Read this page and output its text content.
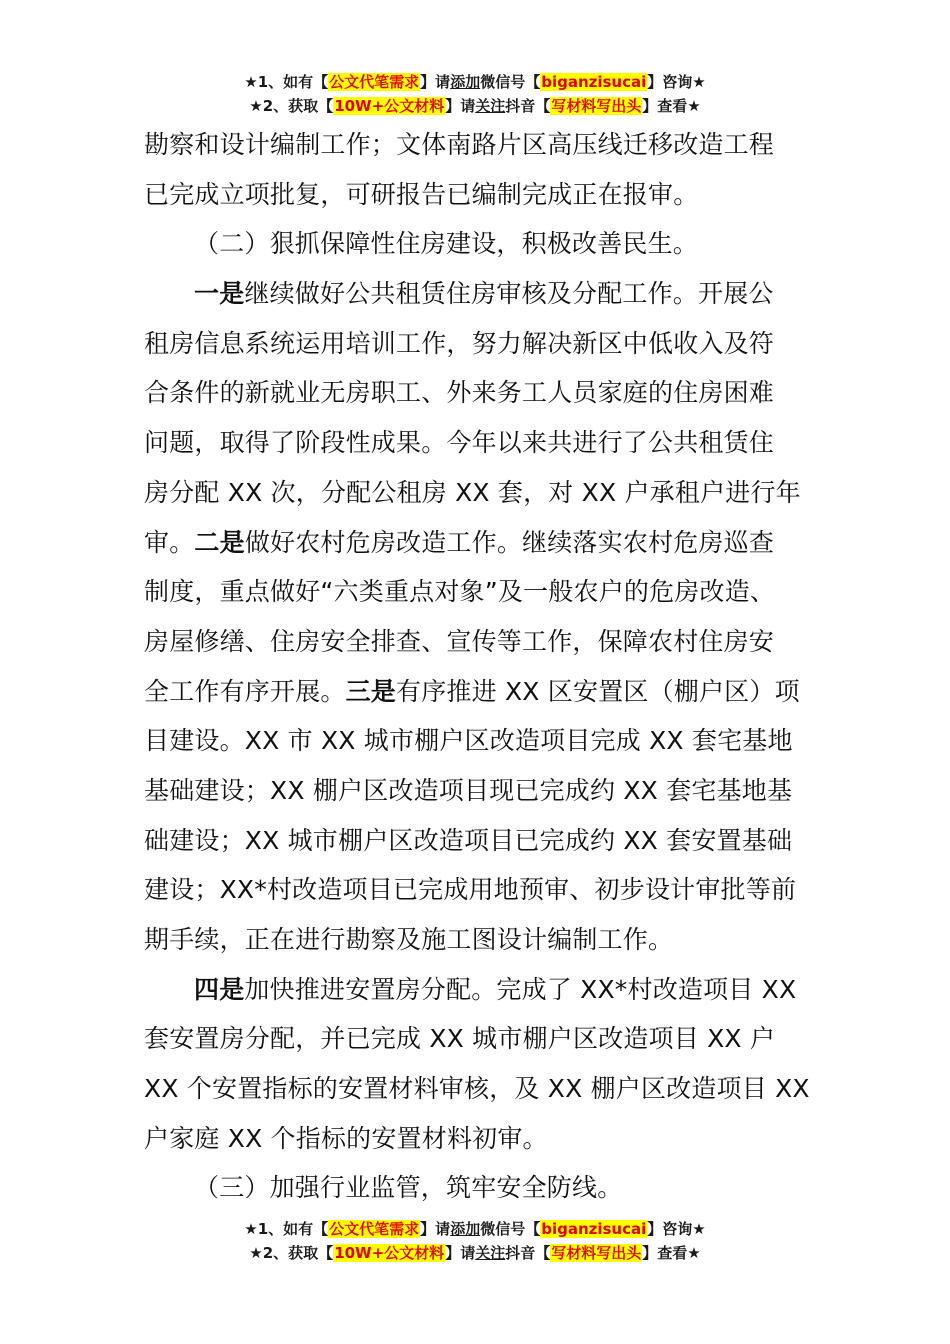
★1、如有【公文代笔需求】请添加微信号【biganzisucai】咨询★
★2、获取【10W+公文材料】请关注抖音【写材料写出头】查看★
勘察和设计编制工作；文体南路片区高压线迁移改造工程
已完成立项批复，可研报告已编制完成正在报审。
（二）狠抓保障性住房建设，积极改善民生。
一是继续做好公共租赁住房审核及分配工作。开展公
租房信息系统运用培训工作，努力解决新区中低收入及符
合条件的新就业无房职工、外来务工人员家庭的住房困难
问题，取得了阶段性成果。今年以来共进行了公共租赁住
房分配 XX 次，分配公租房 XX 套，对 XX 户承租户进行年
审。二是做好农村危房改造工作。继续落实农村危房巡查
制度，重点做好“六类重点对象”及一般农户的危房改造、
房屋修缮、住房安全排查、宣传等工作，保障农村住房安
全工作有序开展。三是有序推进 XX 区安置区（棚户区）项
目建设。XX 市 XX 城市棚户区改造项目完成 XX 套宅基地
基础建设；XX 棚户区改造项目现已完成约 XX 套宅基地基
础建设；XX 城市棚户区改造项目已完成约 XX 套安置基础
建设；XX*村改造项目已完成用地预审、初步设计审批等前
期手续，正在进行勘察及施工图设计编制工作。
四是加快推进安置房分配。完成了 XX*村改造项目 XX
套安置房分配，并已完成 XX 城市棚户区改造项目 XX 户
XX 个安置指标的安置材料审核，及 XX 棚户区改造项目 XX
户家庭 XX 个指标的安置材料初审。
（三）加强行业监管，筑牢安全防线。
★1、如有【公文代笔需求】请添加微信号【biganzisucai】咨询★
★2、获取【10W+公文材料】请关注抖音【写材料写出头】查看★
